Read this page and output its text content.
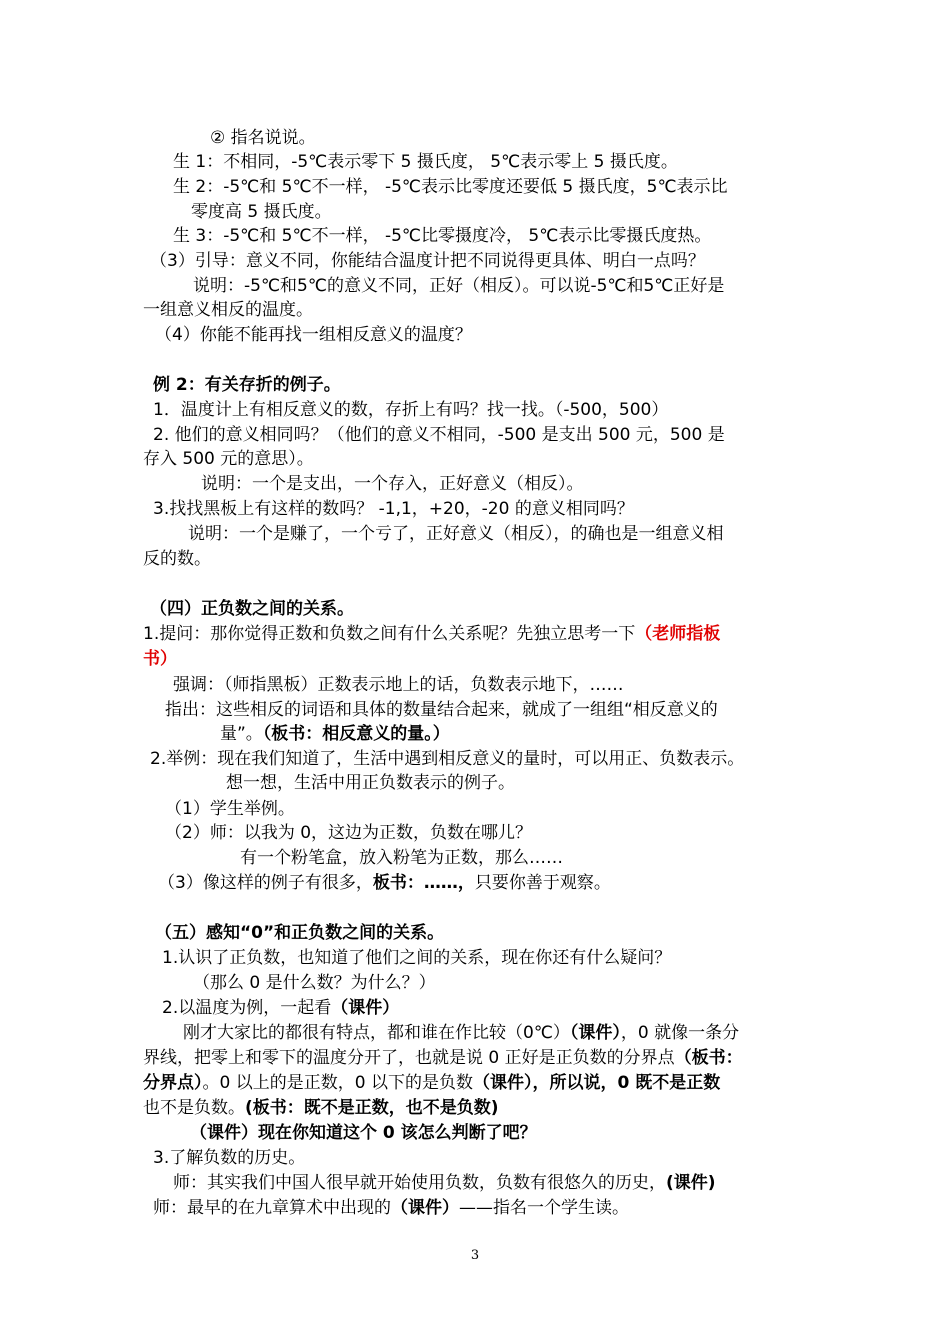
② 指名说说。
生 1：不相同，-5℃表示零下 5 摄氏度， 5℃表示零上 5 摄氏度。
生 2：-5℃和 5℃不一样， -5℃表示比零度还要低 5 摄氏度，5℃表示比
零度高 5 摄氏度。
生 3：-5℃和 5℃不一样， -5℃比零摄度冷， 5℃表示比零摄氏度热。
（3）引导：意义不同，你能结合温度计把不同说得更具体、明白一点吗？
说明：-5℃和5℃的意义不同，正好（相反）。可以说-5℃和5℃正好是
一组意义相反的温度。
（4）你能不能再找一组相反意义的温度？
例 2：有关存折的例子。
1．温度计上有相反意义的数，存折上有吗？找一找。（-500，500）
2. 他们的意义相同吗？（他们的意义不相同，-500 是支出 500 元，500 是
存入 500 元的意思）。
说明：一个是支出，一个存入，正好意义（相反）。
3.找找黑板上有这样的数吗？ -1,1，+20，-20 的意义相同吗？
说明：一个是赚了，一个亏了，正好意义（相反），的确也是一组意义相
反的数。
（四）正负数之间的关系。
1.提问：那你觉得正数和负数之间有什么关系呢？先独立思考一下（老师指板
书）
强调：（师指黑板）正数表示地上的话，负数表示地下，……
指出：这些相反的词语和具体的数量结合起来，就成了一组组“相反意义的
量”。（板书：相反意义的量。）
2.举例：现在我们知道了，生活中遇到相反意义的量时，可以用正、负数表示。
想一想，生活中用正负数表示的例子。
（1）学生举例。
（2）师：以我为 0，这边为正数，负数在哪儿？
有一个粉笔盒，放入粉笔为正数，那么……
（3）像这样的例子有很多，板书：……，只要你善于观察。
（五）感知“0”和正负数之间的关系。
1.认识了正负数，也知道了他们之间的关系，现在你还有什么疑问？
（那么 0 是什么数？为什么？）
2.以温度为例，一起看（课件）
刚才大家比的都很有特点，都和谁在作比较（0℃）（课件），0 就像一条分
界线，把零上和零下的温度分开了，也就是说 0 正好是正负数的分界点（板书：
分界点）。0 以上的是正数，0 以下的是负数（课件），所以说，0 既不是正数
也不是负数。(板书：既不是正数，也不是负数)
（课件）现在你知道这个 0 该怎么判断了吧？
3.了解负数的历史。
师：其实我们中国人很早就开始使用负数，负数有很悠久的历史，(课件)
师：最早的在九章算术中出现的（课件）——指名一个学生读。
3
